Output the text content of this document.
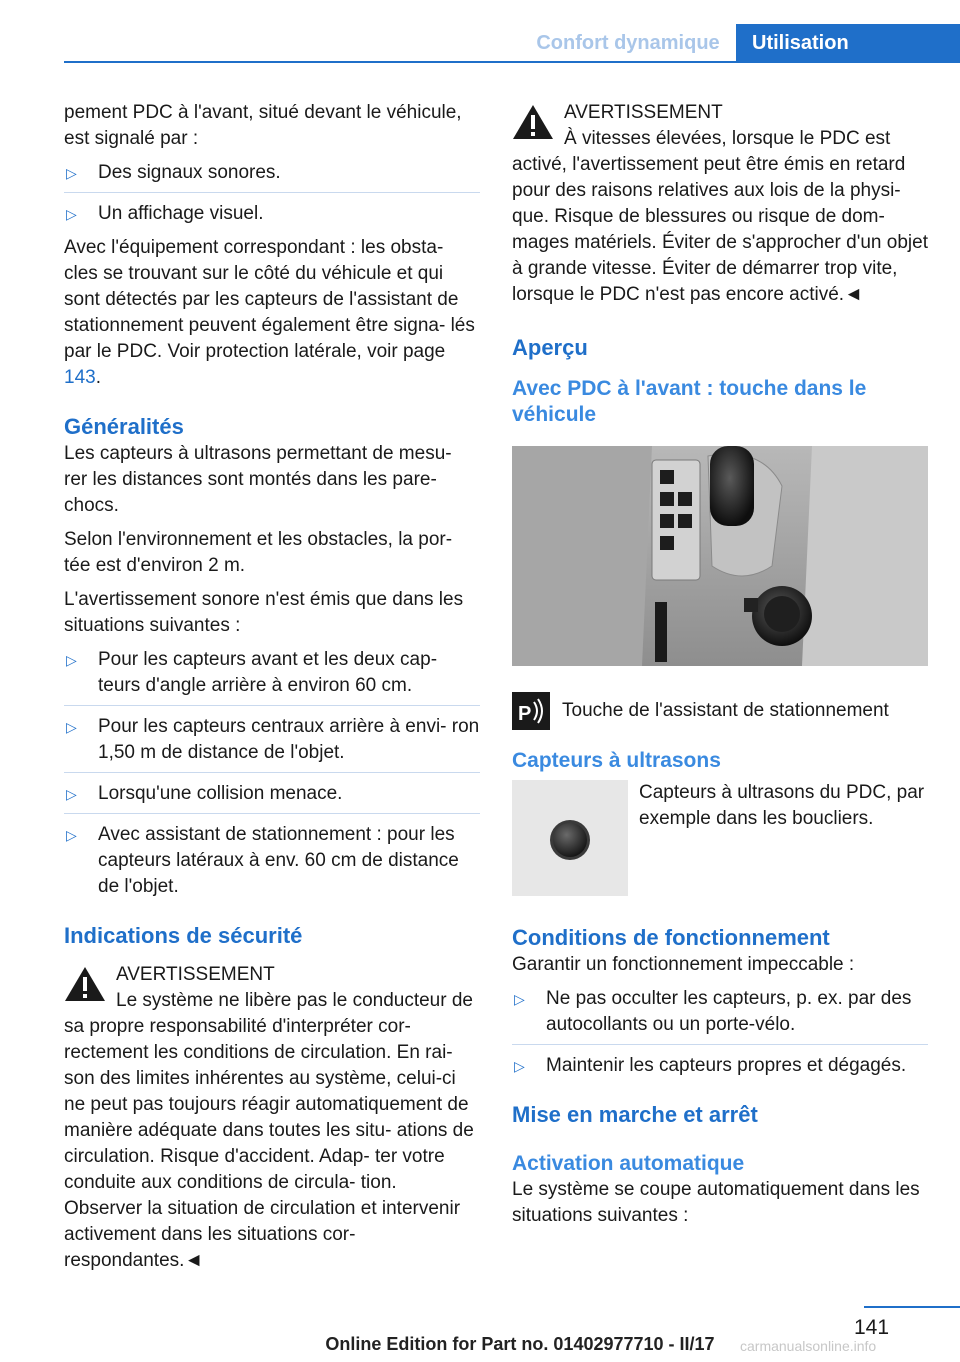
Confort dynamique	Utilisation

pement PDC à l'avant, situé devant le véhicule, est signalé par :

▷ Des signaux sonores.
▷ Un affichage visuel.

Avec l'équipement correspondant : les obsta- cles se trouvant sur le côté du véhicule et qui sont détectés par les capteurs de l'assistant de stationnement peuvent également être signa- lés par le PDC. Voir protection latérale, voir page 143.

Généralités

Les capteurs à ultrasons permettant de mesu- rer les distances sont montés dans les pare- chocs.

Selon l'environnement et les obstacles, la por- tée est d'environ 2 m.

L'avertissement sonore n'est émis que dans les situations suivantes :

▷ Pour les capteurs avant et les deux cap- teurs d'angle arrière à environ 60 cm.
▷ Pour les capteurs centraux arrière à envi- ron 1,50 m de distance de l'objet.
▷ Lorsqu'une collision menace.
▷ Avec assistant de stationnement : pour les capteurs latéraux à env. 60 cm de distance de l'objet.
Indications de sécurité
AVERTISSEMENT
Le système ne libère pas le conducteur de sa propre responsabilité d'interpréter cor- rectement les conditions de circulation. En rai- son des limites inhérentes au système, celui-ci ne peut pas toujours réagir automatiquement de manière adéquate dans toutes les situ- ations de circulation. Risque d'accident. Adap- ter votre conduite aux conditions de circula- tion. Observer la situation de circulation et intervenir activement dans les situations cor- respondantes.◄
AVERTISSEMENT
À vitesses élevées, lorsque le PDC est activé, l'avertissement peut être émis en retard pour des raisons relatives aux lois de la physi- que. Risque de blessures ou risque de dom- mages matériels. Éviter de s'approcher d'un objet à grande vitesse. Éviter de démarrer trop vite, lorsque le PDC n'est pas encore activé.◄
Aperçu
Avec PDC à l'avant : touche dans le véhicule
P Touche de l'assistant de stationnement
Capteurs à ultrasons
Capteurs à ultrasons du PDC, par exemple dans les boucliers.
Conditions de fonctionnement

Garantir un fonctionnement impeccable :

▷ Ne pas occulter les capteurs, p. ex. par des autocollants ou un porte-vélo.
▷ Maintenir les capteurs propres et dégagés.
Mise en marche et arrêt
Activation automatique

Le système se coupe automatiquement dans les situations suivantes :

141
Online Edition for Part no. 01402977710 - II/17	carmanualsonline.info
